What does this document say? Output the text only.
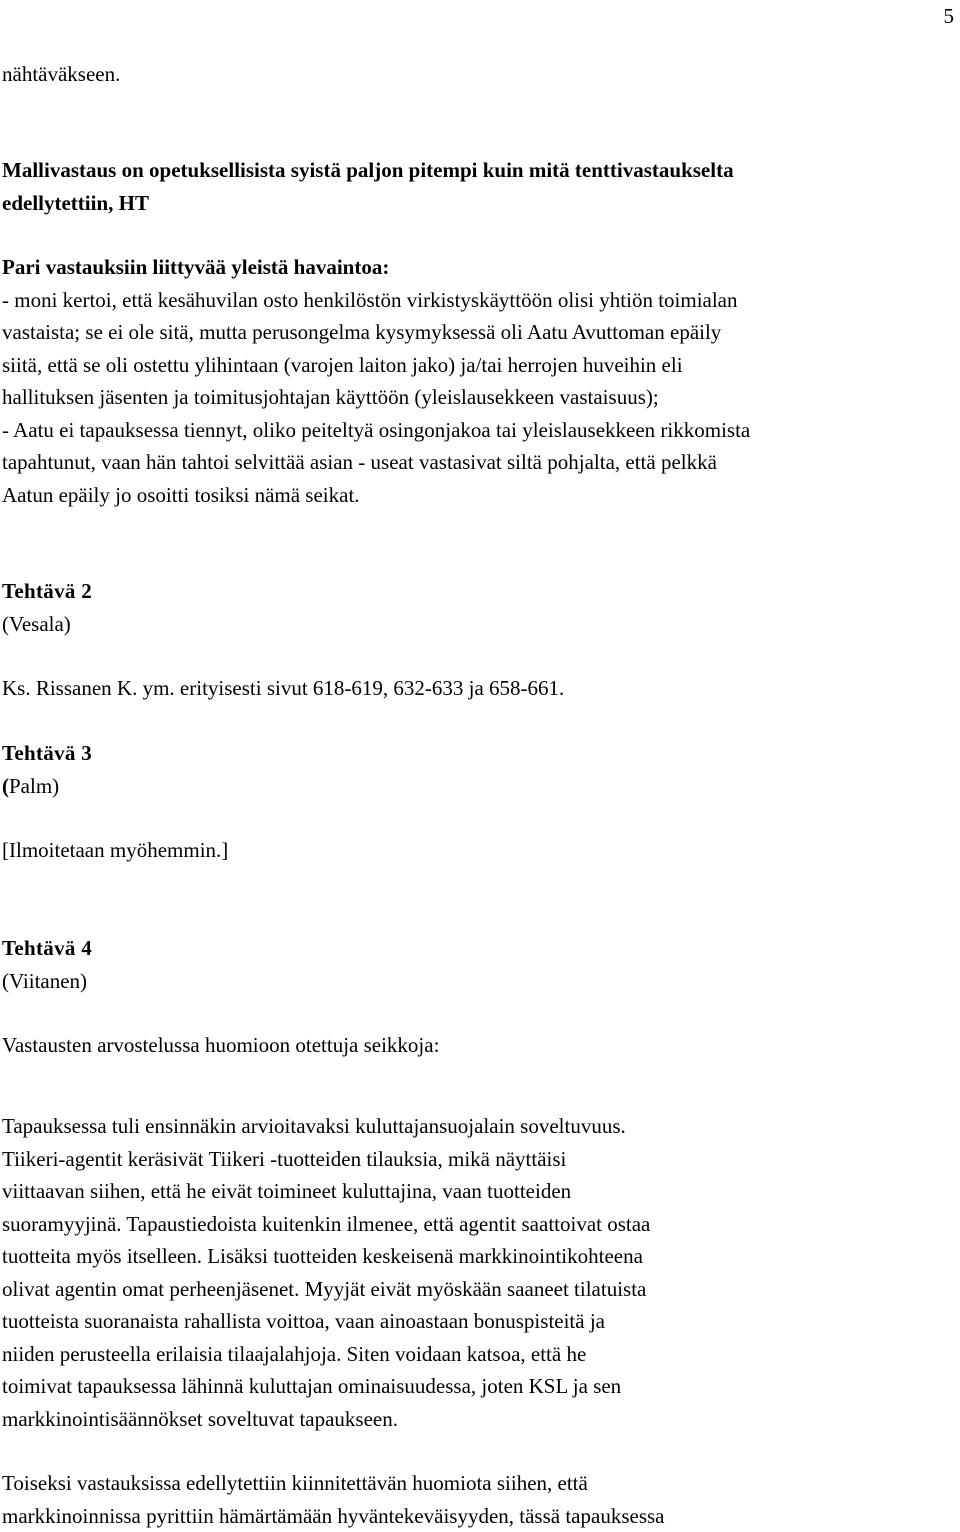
5
nähtäväkseen.
Mallivastaus on opetuksellisista syistä paljon pitempi kuin mitä tenttivastaukselta
edellytettiin, HT
Pari vastauksiin liittyvää yleistä havaintoa:
- moni kertoi, että kesähuvilan osto henkilöstön virkistyskäyttöön olisi yhtiön toimialan
vastaista; se ei ole sitä, mutta perusongelma kysymyksessä oli Aatu Avuttoman epäily
siitä, että se oli ostettu ylihintaan (varojen laiton jako) ja/tai herrojen huveihin eli
hallituksen jäsenten ja toimitusjohtajan käyttöön (yleislausekkeen vastaisuus);
- Aatu ei tapauksessa tiennyt, oliko peiteltyä osingonjakoa tai yleislausekkeen rikkomista
tapahtunut, vaan hän tahtoi selvittää asian - useat vastasivat siltä pohjalta, että pelkkä
Aatun epäily jo osoitti tosiksi nämä seikat.
Tehtävä 2
(Vesala)
Ks. Rissanen K. ym. erityisesti sivut 618-619, 632-633 ja 658-661.
Tehtävä 3
(Palm)
[Ilmoitetaan myöhemmin.]
Tehtävä 4
(Viitanen)
Vastausten arvostelussa huomioon otettuja seikkoja:
Tapauksessa tuli ensinnäkin arvioitavaksi kuluttajansuojalain soveltuvuus.
Tiikeri-agentit keräsivät Tiikeri -tuotteiden tilauksia, mikä näyttäisi
viittaavan siihen, että he eivät toimineet kuluttajina, vaan tuotteiden
suoramyyjinä. Tapaustiedoista kuitenkin ilmenee, että agentit saattoivat ostaa
tuotteita myös itselleen. Lisäksi tuotteiden keskeisenä markkinointikohteena
olivat agentin omat perheenjäsenet. Myyjät eivät myöskään saaneet tilatuista
tuotteista suoranaista rahallista voittoa, vaan ainoastaan bonuspisteitä ja
niiden perusteella erilaisia tilaajalahjoja. Siten voidaan katsoa, että he
toimivat tapauksessa lähinnä kuluttajan ominaisuudessa, joten KSL ja sen
markkinointisäännökset soveltuvat tapaukseen.
Toiseksi vastauksissa edellytettiin kiinnitettävän huomiota siihen, että
markkinoinnissa pyrittiin hämärtämään hyväntekeväisyyden, tässä tapauksessa
